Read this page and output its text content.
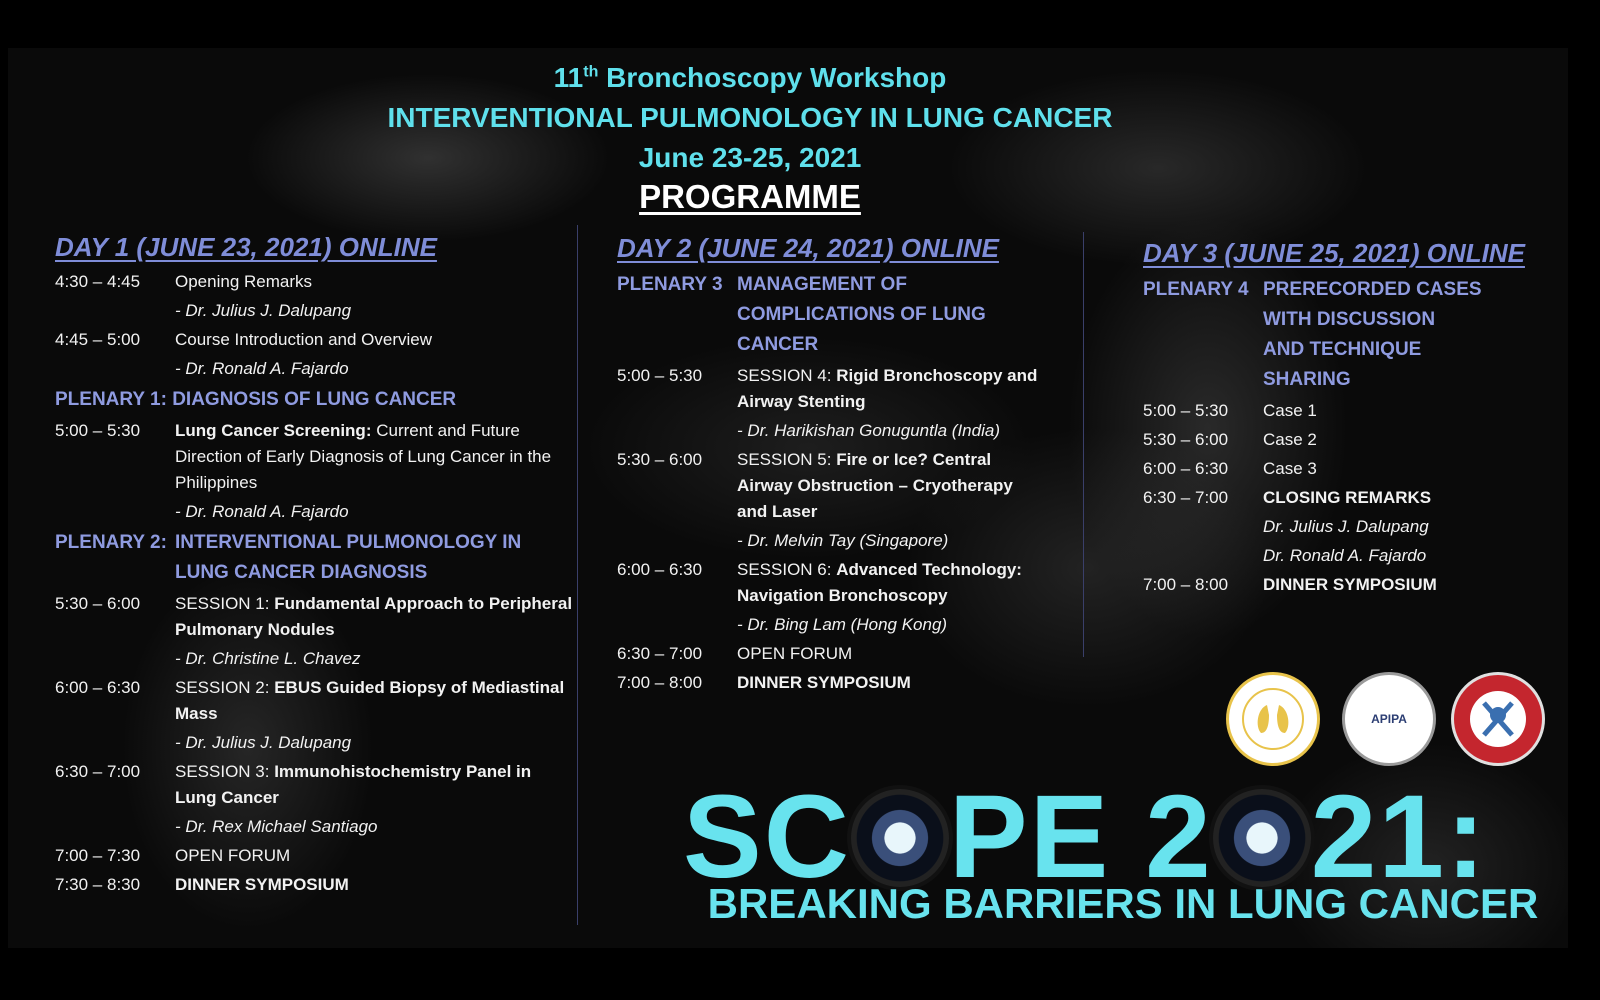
11th Bronchoscopy Workshop
INTERVENTIONAL PULMONOLOGY IN LUNG CANCER
June 23-25, 2021
PROGRAMME
DAY 1 (JUNE 23, 2021) ONLINE
4:30 – 4:45	Opening Remarks
- Dr. Julius J. Dalupang
4:45 – 5:00	Course Introduction and Overview
- Dr. Ronald A. Fajardo
PLENARY 1: DIAGNOSIS OF LUNG CANCER
5:00 – 5:30	Lung Cancer Screening: Current and Future Direction of Early Diagnosis of Lung Cancer in the Philippines
- Dr. Ronald A. Fajardo
PLENARY 2: INTERVENTIONAL PULMONOLOGY IN
LUNG CANCER DIAGNOSIS
5:30 – 6:00	SESSION 1: Fundamental Approach to Peripheral Pulmonary Nodules
- Dr. Christine L. Chavez
6:00 – 6:30	SESSION 2: EBUS Guided Biopsy of Mediastinal Mass
- Dr. Julius J. Dalupang
6:30 – 7:00	SESSION 3: Immunohistochemistry Panel in Lung Cancer
- Dr. Rex Michael Santiago
7:00 – 7:30	OPEN FORUM
7:30 – 8:30	DINNER SYMPOSIUM
DAY 2 (JUNE 24, 2021) ONLINE
PLENARY 3 MANAGEMENT OF
COMPLICATIONS OF LUNG
CANCER
5:00 – 5:30	SESSION 4: Rigid Bronchoscopy and Airway Stenting
- Dr. Harikishan Gonuguntla (India)
5:30 – 6:00	SESSION 5: Fire or Ice? Central Airway Obstruction – Cryotherapy and Laser
- Dr. Melvin Tay (Singapore)
6:00 – 6:30	SESSION 6: Advanced Technology: Navigation Bronchoscopy
- Dr. Bing Lam (Hong Kong)
6:30 – 7:00	OPEN FORUM
7:00 – 8:00	DINNER SYMPOSIUM
DAY 3 (JUNE 25, 2021) ONLINE
PLENARY 4 PRERECORDED CASES
WITH DISCUSSION
AND TECHNIQUE
SHARING
5:00 – 5:30	Case 1
5:30 – 6:00	Case 2
6:00 – 6:30	Case 3
6:30 – 7:00	CLOSING REMARKS
Dr. Julius J. Dalupang
Dr. Ronald A. Fajardo
7:00 – 8:00	DINNER SYMPOSIUM
APIPA
SC PE 2 21:
BREAKING BARRIERS IN LUNG CANCER
